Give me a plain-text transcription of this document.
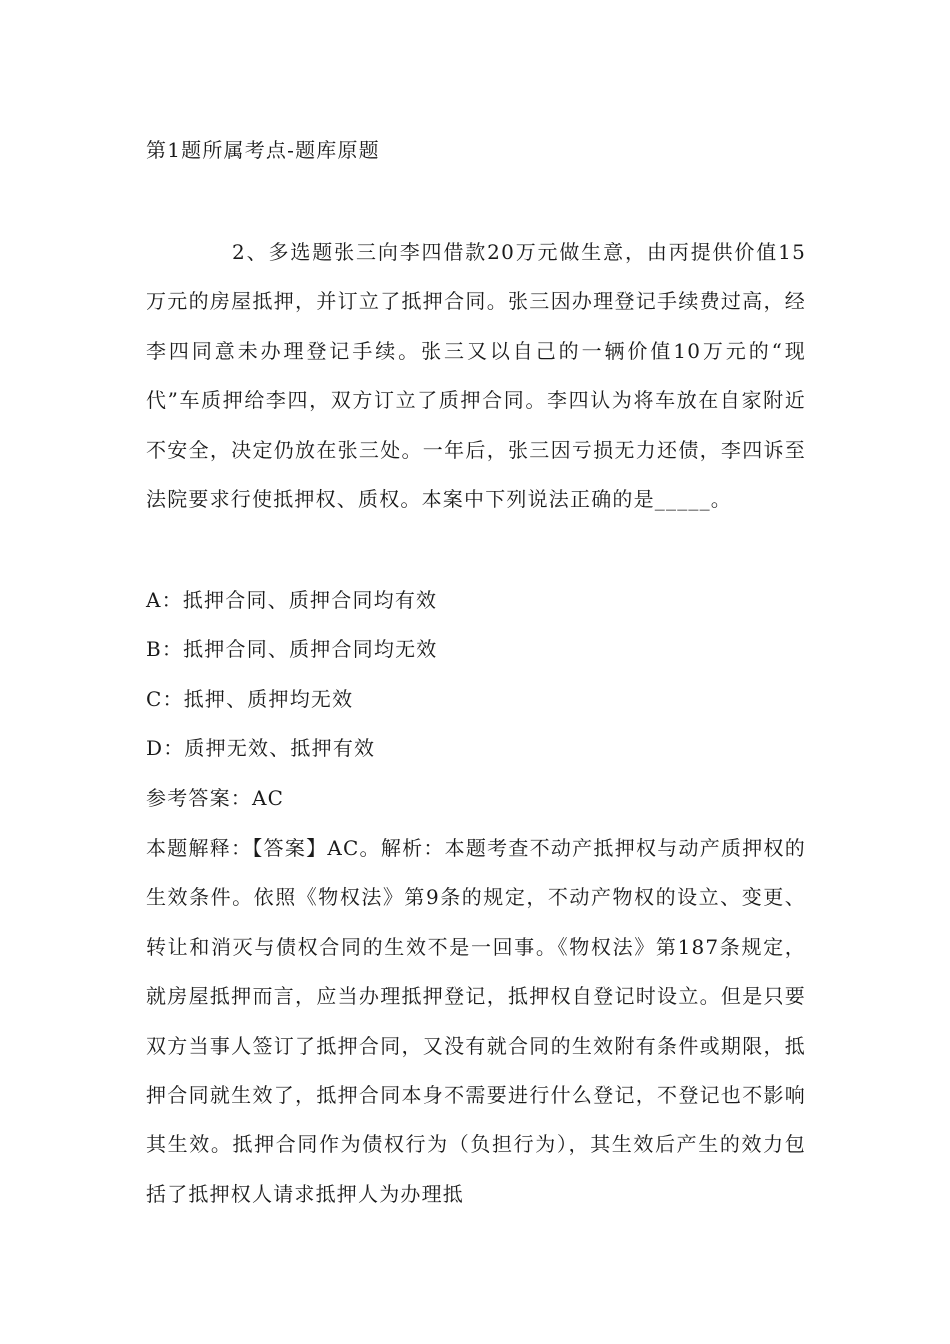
第1题所属考点-题库原题

2、多选题张三向李四借款20万元做生意，由丙提供价值15万元的房屋抵押，并订立了抵押合同。张三因办理登记手续费过高，经李四同意未办理登记手续。张三又以自己的一辆价值10万元的“现代”车质押给李四，双方订立了质押合同。李四认为将车放在自家附近不安全，决定仍放在张三处。一年后，张三因亏损无力还债，李四诉至法院要求行使抵押权、质权。本案中下列说法正确的是_____。

A：抵押合同、质押合同均有效

B：抵押合同、质押合同均无效

C：抵押、质押均无效

D：质押无效、抵押有效

参考答案：AC

本题解释：【答案】AC。解析：本题考查不动产抵押权与动产质押权的生效条件。依照《物权法》第9条的规定，不动产物权的设立、变更、转让和消灭与债权合同的生效不是一回事。《物权法》第187条规定，就房屋抵押而言，应当办理抵押登记，抵押权自登记时设立。但是只要双方当事人签订了抵押合同，又没有就合同的生效附有条件或期限，抵押合同就生效了，抵押合同本身不需要进行什么登记，不登记也不影响其生效。抵押合同作为债权行为（负担行为），其生效后产生的效力包括了抵押权人请求抵押人为办理抵
